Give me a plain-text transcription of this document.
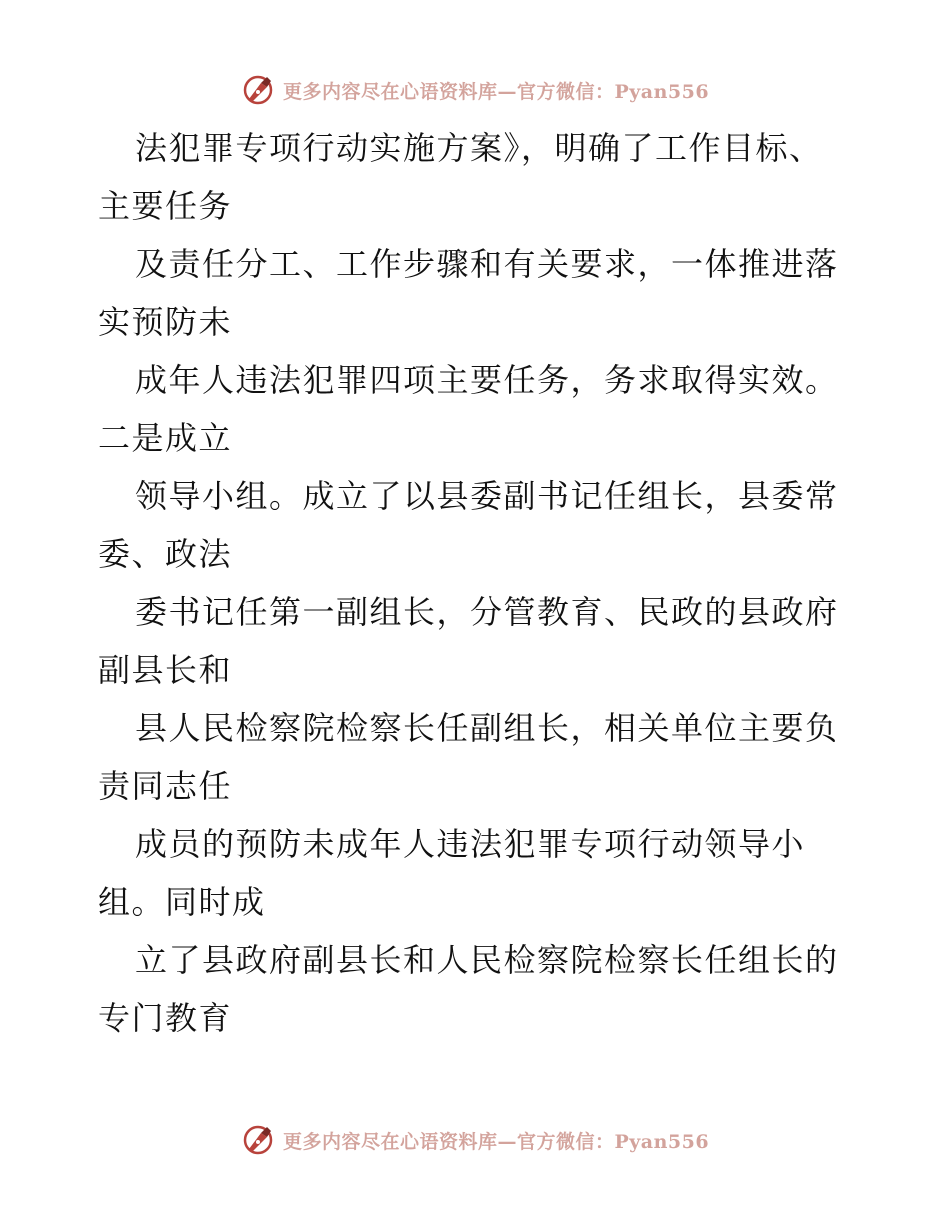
更多内容尽在心语资料库—官方微信：Pyan556
法犯罪专项行动实施方案》，明确了工作目标、
主要任务
及责任分工、工作步骤和有关要求，一体推进落
实预防未
成年人违法犯罪四项主要任务，务求取得实效。
二是成立
领导小组。成立了以县委副书记任组长，县委常
委、政法
委书记任第一副组长，分管教育、民政的县政府
副县长和
县人民检察院检察长任副组长，相关单位主要负
责同志任
成员的预防未成年人违法犯罪专项行动领导小
组。同时成
立了县政府副县长和人民检察院检察长任组长的
专门教育
更多内容尽在心语资料库—官方微信：Pyan556
